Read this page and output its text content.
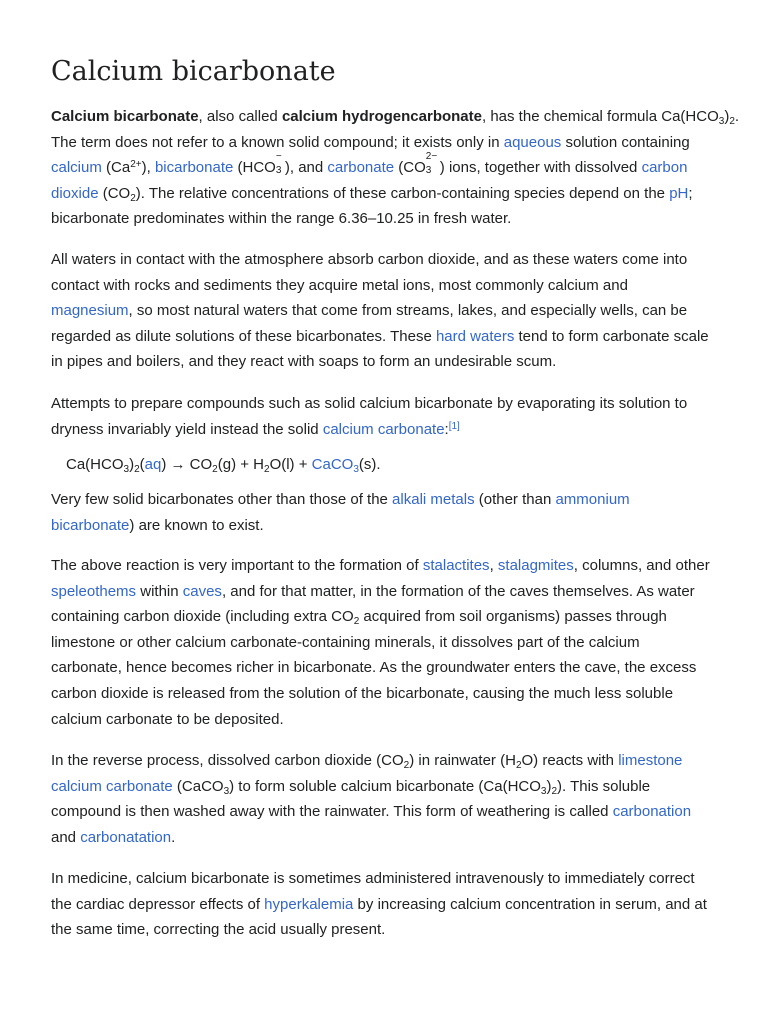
Calcium bicarbonate
Calcium bicarbonate, also called calcium hydrogencarbonate, has the chemical formula $Ca(HCO_3)_2$.
The term does not refer to a known solid compound; it exists only in aqueous solution containing
calcium $(Ca^{2+})$, bicarbonate (HCO
−
3 ), and carbonate (CO
2−
3 ) ions, together with dissolved carbon
dioxide $(CO_2)$. The relative concentrations of these carbon-containing species depend on the pH;
bicarbonate predominates within the range 6.36–10.25 in fresh water.
All waters in contact with the atmosphere absorb carbon dioxide, and as these waters come into
contact with rocks and sediments they acquire metal ions, most commonly calcium and
magnesium, so most natural waters that come from streams, lakes, and especially wells, can be
regarded as dilute solutions of these bicarbonates. These hard waters tend to form carbonate scale
in pipes and boilers, and they react with soaps to form an undesirable scum.
Attempts to prepare compounds such as solid calcium bicarbonate by evaporating its solution to
dryness invariably yield instead the solid calcium carbonate:[1]
$Ca(HCO_3)_2(aq) \to CO_2(g) + H_2O(l)$ + CaCO$_3$(s).
Very few solid bicarbonates other than those of the alkali metals (other than ammonium
bicarbonate) are known to exist.
The above reaction is very important to the formation of stalactites, stalagmites, columns, and other
speleothems within caves, and for that matter, in the formation of the caves themselves. As water
containing carbon dioxide (including extra $CO_2$ acquired from soil organisms) passes through
limestone or other calcium carbonate-containing minerals, it dissolves part of the calcium
carbonate, hence becomes richer in bicarbonate. As the groundwater enters the cave, the excess
carbon dioxide is released from the solution of the bicarbonate, causing the much less soluble
calcium carbonate to be deposited.
In the reverse process, dissolved carbon dioxide $(CO_2)$ in rainwater $(H_2O)$ reacts with limestone
calcium carbonate (CaCO$_3$) to form soluble calcium bicarbonate $(Ca(HCO_3)_2)$. This soluble
compound is then washed away with the rainwater. This form of weathering is called carbonation
and carbonatation.
In medicine, calcium bicarbonate is sometimes administered intravenously to immediately correct
the cardiac depressor effects of hyperkalemia by increasing calcium concentration in serum, and at
the same time, correcting the acid usually present.
